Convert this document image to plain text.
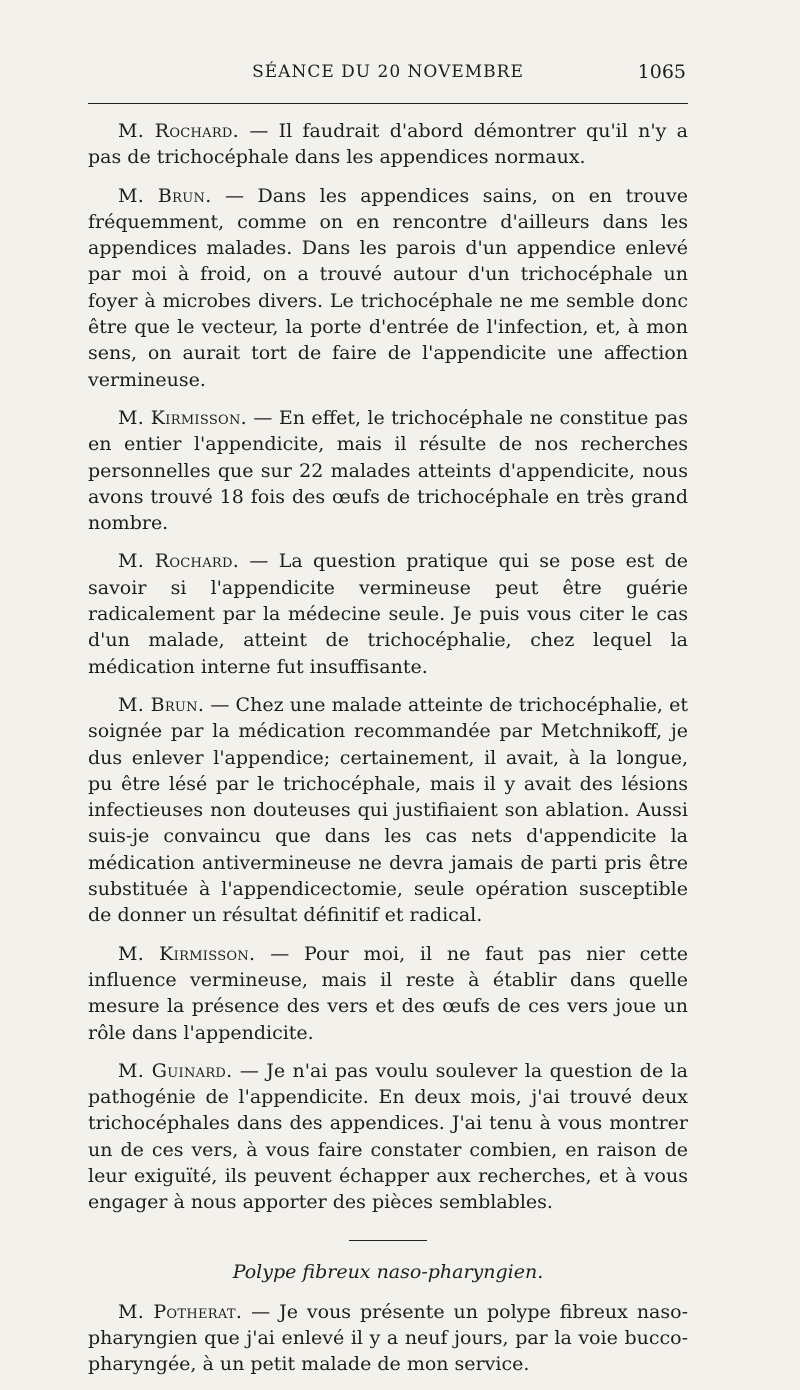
SÉANCE DU 20 NOVEMBRE	1065

M. Rochard. — Il faudrait d'abord démontrer qu'il n'y a pas de trichocéphale dans les appendices normaux.

M. Brun. — Dans les appendices sains, on en trouve fréquemment, comme on en rencontre d'ailleurs dans les appendices malades. Dans les parois d'un appendice enlevé par moi à froid, on a trouvé autour d'un trichocéphale un foyer à microbes divers. Le trichocéphale ne me semble donc être que le vecteur, la porte d'entrée de l'infection, et, à mon sens, on aurait tort de faire de l'appendicite une affection vermineuse.

M. Kirmisson. — En effet, le trichocéphale ne constitue pas en entier l'appendicite, mais il résulte de nos recherches personnelles que sur 22 malades atteints d'appendicite, nous avons trouvé 18 fois des œufs de trichocéphale en très grand nombre.

M. Rochard. — La question pratique qui se pose est de savoir si l'appendicite vermineuse peut être guérie radicalement par la médecine seule. Je puis vous citer le cas d'un malade, atteint de trichocéphalie, chez lequel la médication interne fut insuffisante.

M. Brun. — Chez une malade atteinte de trichocéphalie, et soignée par la médication recommandée par Metchnikoff, je dus enlever l'appendice; certainement, il avait, à la longue, pu être lésé par le trichocéphale, mais il y avait des lésions infectieuses non douteuses qui justifiaient son ablation. Aussi suis-je convaincu que dans les cas nets d'appendicite la médication antivermineuse ne devra jamais de parti pris être substituée à l'appendicectomie, seule opération susceptible de donner un résultat définitif et radical.

M. Kirmisson. — Pour moi, il ne faut pas nier cette influence vermineuse, mais il reste à établir dans quelle mesure la présence des vers et des œufs de ces vers joue un rôle dans l'appendicite.

M. Guinard. — Je n'ai pas voulu soulever la question de la pathogénie de l'appendicite. En deux mois, j'ai trouvé deux trichocéphales dans des appendices. J'ai tenu à vous montrer un de ces vers, à vous faire constater combien, en raison de leur exiguïté, ils peuvent échapper aux recherches, et à vous engager à nous apporter des pièces semblables.

Polype fibreux naso-pharyngien.

M. Potherat. — Je vous présente un polype fibreux naso-pharyngien que j'ai enlevé il y a neuf jours, par la voie bucco-pharyngée, à un petit malade de mon service.
